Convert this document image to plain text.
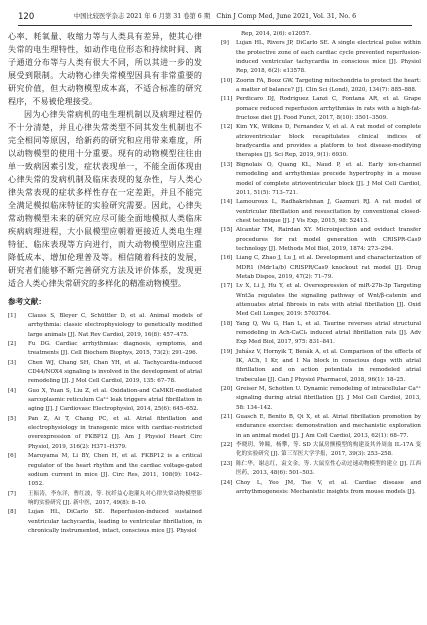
120	中国比较医学杂志 2021 年 6 月第 31 卷第 6 期　Chin J Comp Med, June 2021, Vol. 31, No. 6

心率、耗氧量、收缩力等与人类具有差异，使其心律失常的电生理特性，如动作电位形态和持续时间、离子通道分布等与人类有很大不同，所以其进一步的发展受到限制。大动物心律失常模型因具有非常重要的研究价值，但大动物模型成本高，不适合标准的研究程序，不易被伦理接受。

因为心律失常病机的电生理机制以及病理过程仍不十分清楚，并且心律失常类型不同其发生机制也不完全相同等原因，给新药的研究和应用带来难度，所以动物模型的使用十分重要。现有的动物模型往往由单一致病因素引发，症状表现单一，不能全面体现由心律失常的发病机制及临床表现的复杂性，与人类心律失常表现的症状多样性存在一定差距，并且不能完全满足模拟临床特征的实验研究需要。因此，心律失常动物模型未来的研究应尽可能全面地模拟人类临床疾病病理进程，大小鼠模型应朝着更接近人类电生理特征、临床表现等方向进行，而大动物模型则应注重降低成本、增加伦理普及等。相信随着科技的发展，研究者们能够不断完善研究方法及评价体系，发现更适合人类心律失常研究的多样化的精准动物模型。

参考文献：
[1]	Clauss S, Bleyer C, Schüttler D, et al. Animal models of arrhythmia: classic electrophysiology to genetically modified large animals [J]. Nat Rev Cardiol, 2019, 16(8): 457–475.
[2]	Fu DG. Cardiac arrhythmias: diagnosis, symptoms, and treatments [J]. Cell Biochem Biophys, 2015, 73(2): 291–296.
[3]	Chen WJ, Chang SH, Chan YH, et al. Tachycardia-induced CD44/NOX4 signaling is involved in the development of atrial remodeling [J]. J Mol Cell Cardiol, 2019, 135: 67–78.
[4]	Guo X, Yuan S, Liu Z, et al. Oxidation-and CaMKII-mediated sarcoplasmic reticulum Ca²⁺ leak triggers atrial fibrillation in aging [J]. J Cardiovasc Electrophysiol, 2014, 25(6): 645–652.
[5]	Pan Z, Ai T, Chang PC, et al. Atrial fibrillation and electrophysiology in transgenic mice with cardiac-restricted overexpression of FKBP12 [J]. Am J Physiol Heart Circ Physiol, 2019, 316(2): H371–H379.
[6]	Maruyama M, Li BY, Chen H, et al. FKBP12 is a critical regulator of the heart rhythm and the cardiac voltage-gated sodium current in mice [J]. Circ Res, 2011, 108(9): 1042–1052.
[7]	王振涛，李东洋，曹红波，等. 抗纤益心泡灌丸对心律失常动物模型影响的实验研究 [J]. 新中医，2017, 49(8): 8–10.
[8]	Lujan HL, DiCarlo SE. Reperfusion-induced sustained ventricular tachycardia, leading to ventricular fibrillation, in chronically instrumented, intact, conscious mice [J]. Physiol
Rep, 2014, 2(6): e12057.
[9]	Lujan HL, Rivers JP, DiCarlo SE. A single electrical pulse within the protective zone of each cardiac cycle prevented reperfusion-induced ventricular tachycardia in conscious mice [J]. Physiol Rep, 2018, 6(2): e13578.
[10] Zoorin FA, Booz GW. Targeting mitochondria to protect the heart: a matter of balance? [J]. Clin Sci (Lond), 2020, 134(7): 885–888.
[11] Perdicaro DJ, Rodriguez Lanzi C, Fontana AR, et al. Grape pomace reduced reperfusion arrhythmias in rats with a high-fat-fructose diet [J]. Food Funct, 2017, 8(10): 3501–3509.
[12] Kim YK, Wilkins D, Fernandez V, et al. A rat model of complete atrioventricular block recapitulates clinical indices of bradycardia and provides a platform to test disease-modifying therapies [J]. Sci Rep, 2019, 9(1): 6930.
[13] Bignolais O, Quang KL, Naud P, et al. Early ion-channel remodeling and arrhythmias precede hypertrophy in a mouse model of complete atrioventricular block [J]. J Mol Cell Cardiol, 2011, 51(5): 713–721.
[14] Lamouroux L, Radhakrishnan J, Gazmuri RJ. A rat model of ventricular fibrillation and resuscitation by conventional closed-chest technique [J]. J Vis Exp, 2015, 98: 52413.
[15] Alcantar TM, Rairdan XY. Microinjection and oviduct transfer procedures for rat model generation with CRISPR-Cas9 technology [J]. Methods Mol Biol, 2019, 1874: 273–294.
[16] Liang C, Zhao J, Lu J, et al. Development and characterization of MDR1 (Mdr1a/b) CRISPR/Cas9 knockout rat model [J]. Drug Metab Dispos, 2019, 47(2): 71–79.
[17] Lv X, Li J, Hu Y, et al. Overexpression of miR-27b-3p Targeting Wnt3a regulates the signaling pathway of Wnt/β-catenin and attenuates atrial fibrosis in rats with atrial fibrillation [J]. Oxid Med Cell Longev, 2019: 5703764.
[18] Yang Q, Wu G, Han L, et al. Taurine reverses atrial structural remodeling in Ach-CaCl₂ induced atrial fibrillation rats [J]. Adv Exp Med Biol, 2017, 975: 831–841.
[19] Juhász V, Hornyik T, Benák A, et al. Comparison of the effects of IK, ACh, I Kr, and I Na block in conscious dogs with atrial fibrillation and on action potentials in remodeled atrial trabeculae [J]. Can J Physiol Pharmacol, 2018, 96(1): 18–25.
[20] Greiser M, Schotten U. Dynamic remodeling of intracellular Ca²⁺ signaling during atrial fibrillation [J]. J Mol Cell Cardiol, 2013, 58: 134–142.
[21] Guasch E, Benito B, Qi X, et al. Atrial fibrillation promotion by endurance exercise: demonstration and mechanistic exploration in an animal model [J]. J Am Coll Cardiol, 2013, 62(1): 68–77.
[22] 李晓玥，钟瞳，杨攀，等. SD 大鼠房颤模型的构建及其外周血 IL-17A 变化的实验研究 [J]. 第三军医大学学报，2017, 39(3): 253–258.
[23] 陈仁华，谢志红，袁文金，等. 大鼠室性心动过速动物模型的建立 [J]. 江西医药，2013, 48(6): 501–503.
[24] Choy L, Yeo JM, Tse V, et al. Cardiac disease and arrhythmogenesis: Mechanistic insights from mouse models [J].
